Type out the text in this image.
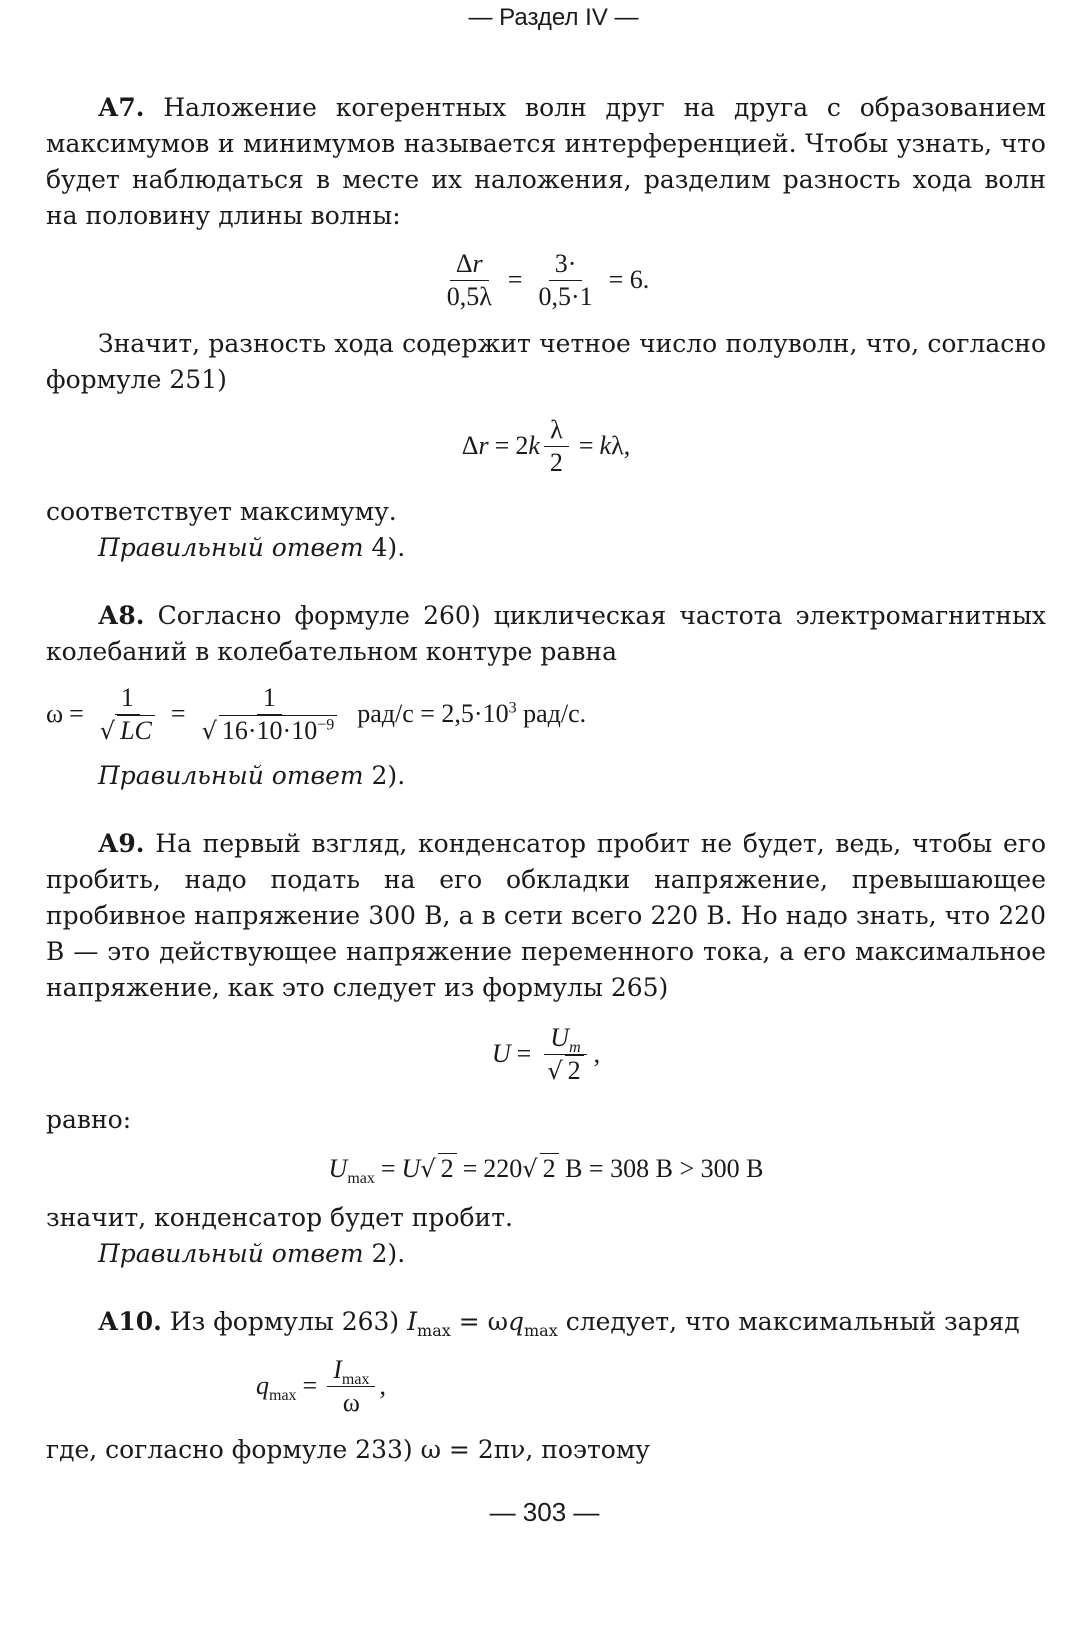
— Раздел IV —

А7. Наложение когерентных волн друг на друга с образованием максимумов и минимумов называется интерференцией. Чтобы узнать, что будет наблюдаться в месте их наложения, разделим разность хода волн на половину длины волны:

$\frac{\Delta r}{0,5\lambda} = \frac{3\cdot}{0,5\cdot 1} = 6$.

Значит, разность хода содержит четное число полуволн, что, согласно формуле 251)

$\Delta r = 2k \frac{\lambda}{2} = k\lambda$,

соответствует максимуму.

Правильный ответ 4).

А8. Согласно формуле 260) циклическая частота электромагнитных колебаний в колебательном контуре равна

$\omega = \frac{1}{√ LC} = \frac{1}{√ 16\cdot 10\cdot 10^{-9}} рад/с = 2,5\cdot 10^3$ рад/с.

Правильный ответ 2).

А9. На первый взгляд, конденсатор пробит не будет, ведь, чтобы его пробить, надо подать на его обкладки напряжение, превышающее пробивное напряжение 300 В, а в сети всего 220 В. Но надо знать, что 220 В — это действующее напряжение переменного тока, а его максимальное напряжение, как это следует из формулы 265)

$U = \frac{U_m}{√ 2}$ ,

равно:

$U_{max} = U√$ 2 = 220√ 2 В = 308 В > 300 В

значит, конденсатор будет пробит.

Правильный ответ 2).

А10. Из формулы 263) $I_{max} = \omega q_{max}$ следует, что максимальный заряд

$q_{max} = \frac{I_{max}}{\omega}$ ,

где, согласно формуле 233) ω = 2πν, поэтому

— 303 —
